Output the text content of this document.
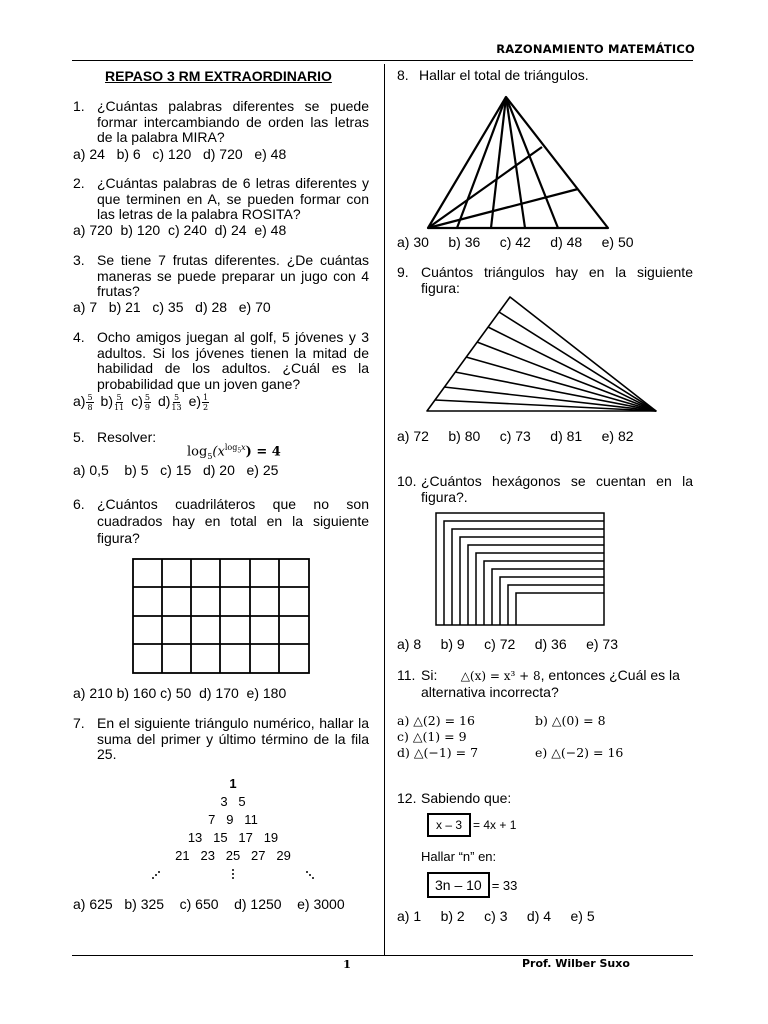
RAZONAMIENTO MATEMÁTICO
1	Prof. Wilber Suxo
REPASO 3 RM EXTRAORDINARIO
1. ¿Cuántas palabras diferentes se puede formar intercambiando de orden las letras de la palabra MIRA?
a) 24   b) 6   c) 120   d) 720   e) 48
2. ¿Cuántas palabras de 6 letras diferentes y que terminen en A, se pueden formar con las letras de la palabra ROSITA?
a) 720  b) 120  c) 240  d) 24  e) 48
3. Se tiene 7 frutas diferentes. ¿De cuántas maneras se puede preparar un jugo con 4 frutas?
a) 7   b) 21   c) 35   d) 28   e) 70
4. Ocho amigos juegan al golf, 5 jóvenes y 3 adultos. Si los jóvenes tienen la mitad de habilidad de los adultos. ¿Cuál es la probabilidad que un joven gane?
$a) \frac{5}{8} b) \frac{5}{11} c) \frac{5}{9} d) \frac{5}{13} e) \frac{1}{2}$
5. Resolver:
$\log_5(x^{log_5x}) = 4$
a) 0,5    b) 5   c) 15   d) 20   e) 25
6. ¿Cuántos cuadriláteros que no son cuadrados hay en total en la siguiente figura?
a) 210 b) 160 c) 50  d) 170  e) 180
7. En el siguiente triángulo numérico, hallar la suma del primer y último término de la fila 25.
1
3   5
7   9   11
13   15   17   19
21   23   25   27   29
a) 625   b) 325    c) 650    d) 1250    e) 3000
8. Hallar el total de triángulos.
a) 30     b) 36     c) 42     d) 48     e) 50
9. Cuántos triángulos hay en la siguiente figura:
a) 72     b) 80     c) 73     d) 81     e) 82
10. ¿Cuántos hexágonos se cuentan en la figura?.
a) 8     b) 9     c) 72     d) 36     e) 73
11. Si: △(x) = x³ + 8, entonces ¿Cuál es la alternativa incorrecta?
a) △(2) = 16	b) △(0) = 8
c) △(1) = 9
d) △(−1) = 7	e) △(−2) = 16
12. Sabiendo que:
x – 3 = 4x + 1
Hallar “n” en:
3n – 10 = 33
a) 1     b) 2     c) 3     d) 4     e) 5
